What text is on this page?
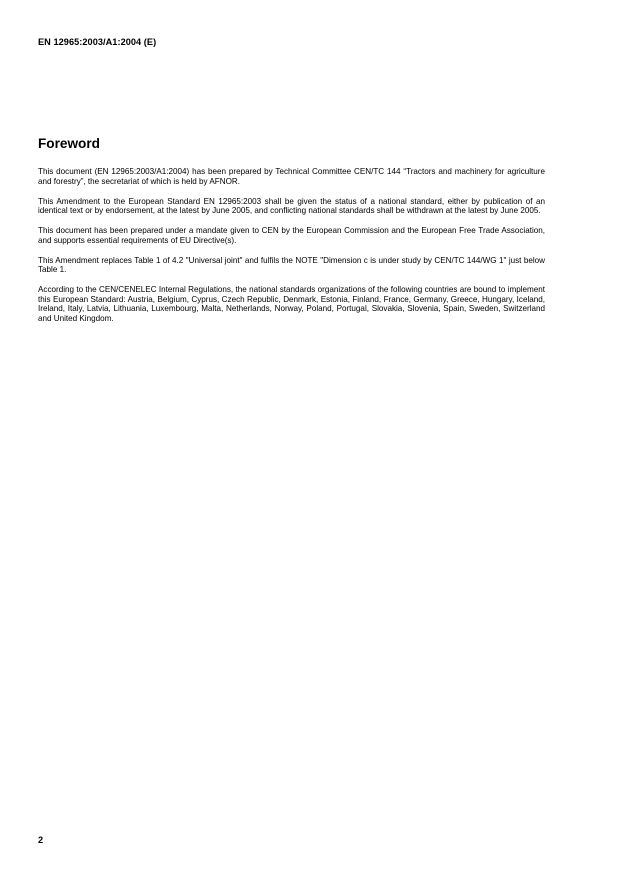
EN 12965:2003/A1:2004 (E)
Foreword

This document (EN 12965:2003/A1:2004) has been prepared by Technical Committee CEN/TC 144 “Tractors and machinery for agriculture and forestry”, the secretariat of which is held by AFNOR.

This Amendment to the European Standard EN 12965:2003 shall be given the status of a national standard, either by publication of an identical text or by endorsement, at the latest by June 2005, and conflicting national standards shall be withdrawn at the latest by June 2005.

This document has been prepared under a mandate given to CEN by the European Commission and the European Free Trade Association, and supports essential requirements of EU Directive(s).

This Amendment replaces Table 1 of 4.2 "Universal joint" and fulfils the NOTE "Dimension c is under study by CEN/TC 144/WG 1" just below Table 1.

According to the CEN/CENELEC Internal Regulations, the national standards organizations of the following countries are bound to implement this European Standard: Austria, Belgium, Cyprus, Czech Republic, Denmark, Estonia, Finland, France, Germany, Greece, Hungary, Iceland, Ireland, Italy, Latvia, Lithuania, Luxembourg, Malta, Netherlands, Norway, Poland, Portugal, Slovakia, Slovenia, Spain, Sweden, Switzerland and United Kingdom.

2
